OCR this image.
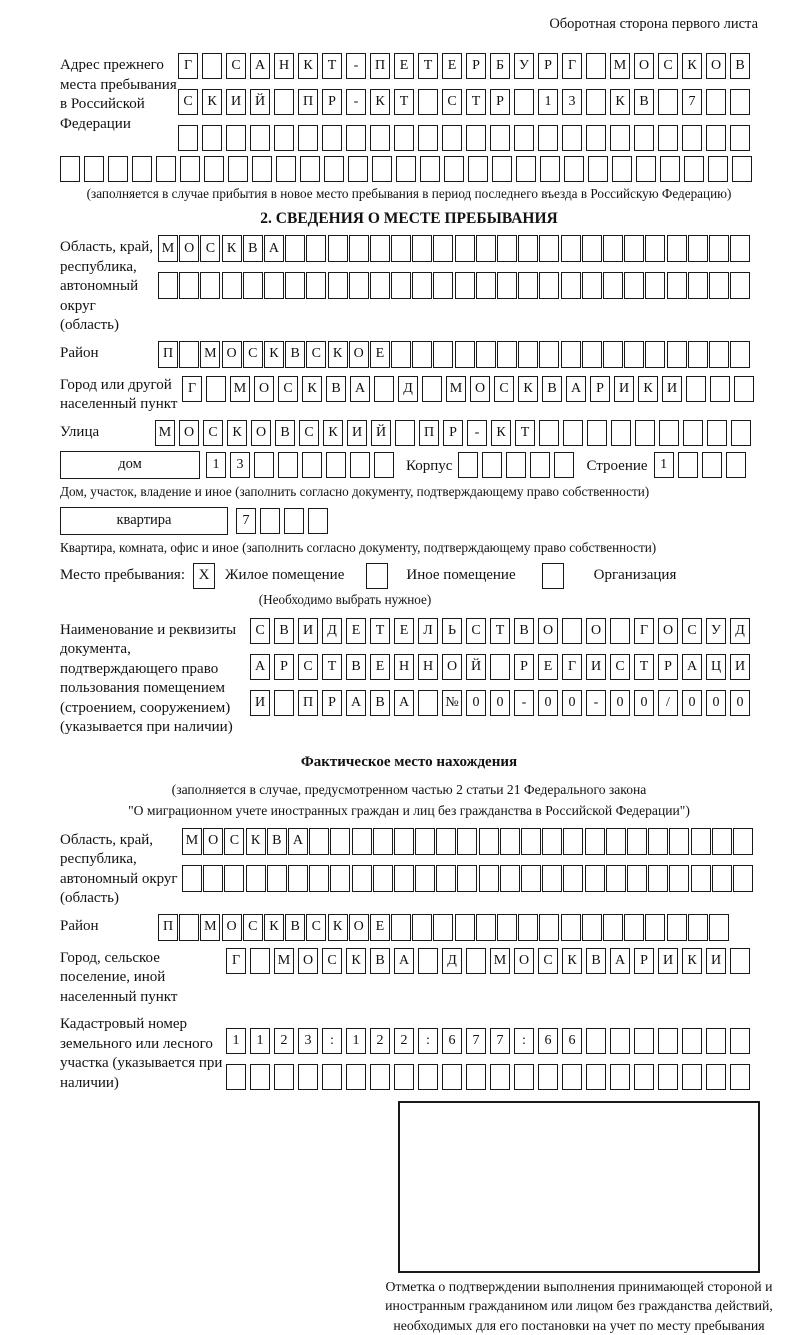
Оборотная сторона первого листа
Адрес прежнего места пребывания в Российской Федерации
Г	С	А Н	К	Т	-	П	Е	Т	Е	Р	Б	У	Р	Г	М О	С	К	О	В
С	К	И Й	П	Р	-	К	Т	С	Т	Р	1	3	К	В	7
(заполняется в случае прибытия в новое место пребывания в период последнего въезда в Российскую Федерацию)
2. СВЕДЕНИЯ О МЕСТЕ ПРЕБЫВАНИЯ
Область, край, республика, автономный округ (область)
М О С К В А
Район	П	М О С К В С К О Е
Город или другой населенный пункт
Г	М О	С	К	В	А	Д	М О	С	К	В	А	Р	И	К	И
Улица	М О	С	К	О	В	С	К	И Й	П	Р	-	К	Т
дом	1	3	Корпус	Строение 1
Дом, участок, владение и иное (заполнить согласно документу, подтверждающему право собственности)
квартира	7
Квартира, комната, офис и иное (заполнить согласно документу, подтверждающему право собственности)
Место пребывания: X	Жилое помещение	Иное помещение	Организация
(Необходимо выбрать нужное)
Наименование и реквизиты документа, подтверждающего право пользования помещением (строением, сооружением) (указывается при наличии)
С	В	И	Д	Е	Т	Е	Л	Ь	С	Т	В	О	О	Г	О	С	У	Д
А	Р	С	Т	В	Е	Н Н О Й	Р	Е	Г	И	С	Т	Р	А Ц И
И	П	Р	А	В	А	№ 0	0	-	0	0	-	0	0	/	0	0	0
Фактическое место нахождения
(заполняется в случае, предусмотренном частью 2 статьи 21 Федерального закона
"О миграционном учете иностранных граждан и лиц без гражданства в Российской Федерации")
Область, край, республика, автономный округ (область)
М О С К В А
Район	П	М О С К В С К О Е
Город, сельское поселение, иной населенный пункт
Г	М О	С	К	В	А	Д	М О	С	К	В	А	Р	И	К	И
Кадастровый номер земельного или лесного участка (указывается при наличии)
1	1	2	3	:	1	2	2	:	6	7	7	:	6	6
Отметка о подтверждении выполнения принимающей стороной и иностранным гражданином или лицом без гражданства действий, необходимых для его постановки на учет по месту пребывания
